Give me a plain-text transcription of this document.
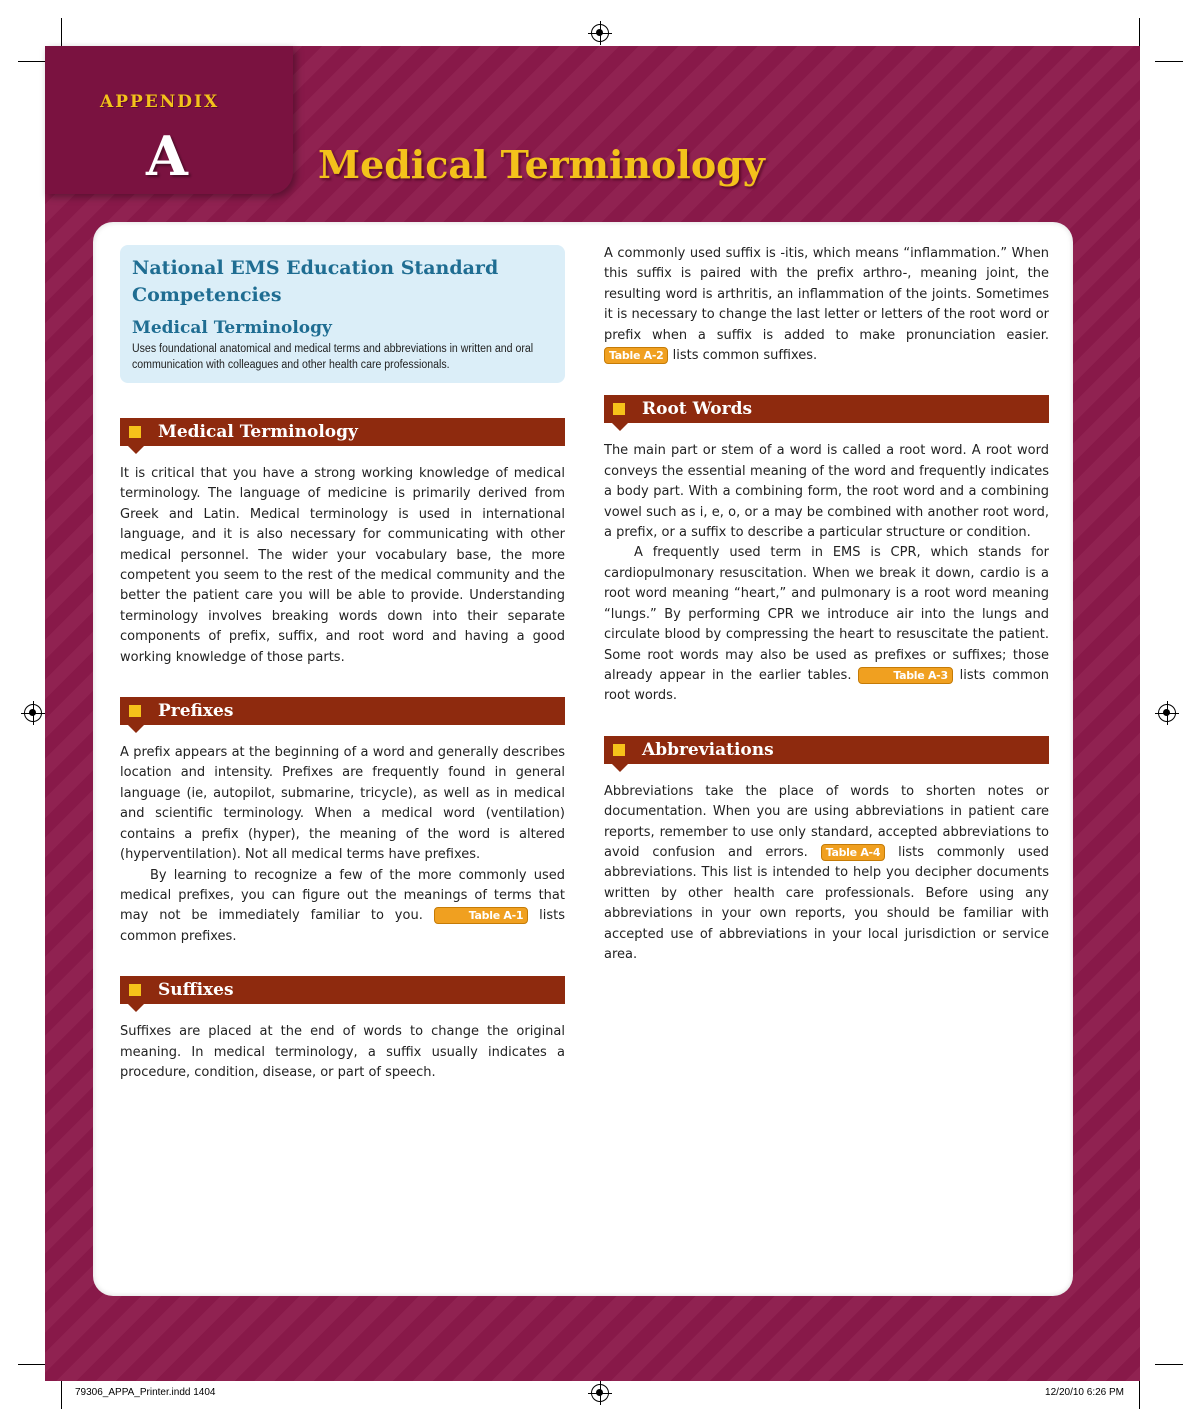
APPENDIX
A	Medical Terminology
National EMS Education Standard Competencies
Medical Terminology

Uses foundational anatomical and medical terms and abbreviations in written and oral communication with colleagues and other health care professionals.

Medical Terminology

It is critical that you have a strong working knowledge of medical terminology. The language of medicine is primarily derived from Greek and Latin. Medical terminology is used in international language, and it is also necessary for communicating with other medical personnel. The wider your vocabulary base, the more competent you seem to the rest of the medical community and the better the patient care you will be able to provide. Understanding terminology involves breaking words down into their separate components of prefix, suffix, and root word and having a good working knowledge of those parts.

Prefixes

A prefix appears at the beginning of a word and generally describes location and intensity. Prefixes are frequently found in general language (ie, autopilot, submarine, tricycle), as well as in medical and scientific terminology. When a medical word (ventilation) contains a prefix (hyper), the meaning of the word is altered (hyperventilation). Not all medical terms have prefixes.

By learning to recognize a few of the more commonly used medical prefixes, you can figure out the meanings of terms that may not be immediately familiar to you.	Table A-1 lists common prefixes.

Suffixes

Suffixes are placed at the end of words to change the original meaning. In medical terminology, a suffix usually indicates a procedure, condition, disease, or part of speech.

A commonly used suffix is -itis, which means “inflammation.” When this suffix is paired with the prefix arthro-, meaning joint, the resulting word is arthritis, an inflammation of the joints. Sometimes it is necessary to change the last letter or letters of the root word or prefix when a suffix is added to make pronunciation easier. Table A-2 lists common suffixes.

Root Words

The main part or stem of a word is called a root word. A root word conveys the essential meaning of the word and frequently indicates a body part. With a combining form, the root word and a combining vowel such as i, e, o, or a may be combined with another root word, a prefix, or a suffix to describe a particular structure or condition.

A frequently used term in EMS is CPR, which stands for cardiopulmonary resuscitation. When we break it down, cardio is a root word meaning “heart,” and pulmonary is a root word meaning “lungs.” By performing CPR we introduce air into the lungs and circulate blood by compressing the heart to resuscitate the patient. Some root words may also be used as prefixes or suffixes; those already appear in the earlier tables.	Table A-3 lists common root words.

Abbreviations

Abbreviations take the place of words to shorten notes or documentation. When you are using abbreviations in patient care reports, remember to use only standard, accepted abbreviations to avoid confusion and errors. Table A-4 lists commonly used abbreviations. This list is intended to help you decipher documents written by other health care professionals. Before using any abbreviations in your own reports, you should be familiar with accepted use of abbreviations in your local jurisdiction or service area.

79306_APPA_Printer.indd 1404	12/20/10 6:26 PM
